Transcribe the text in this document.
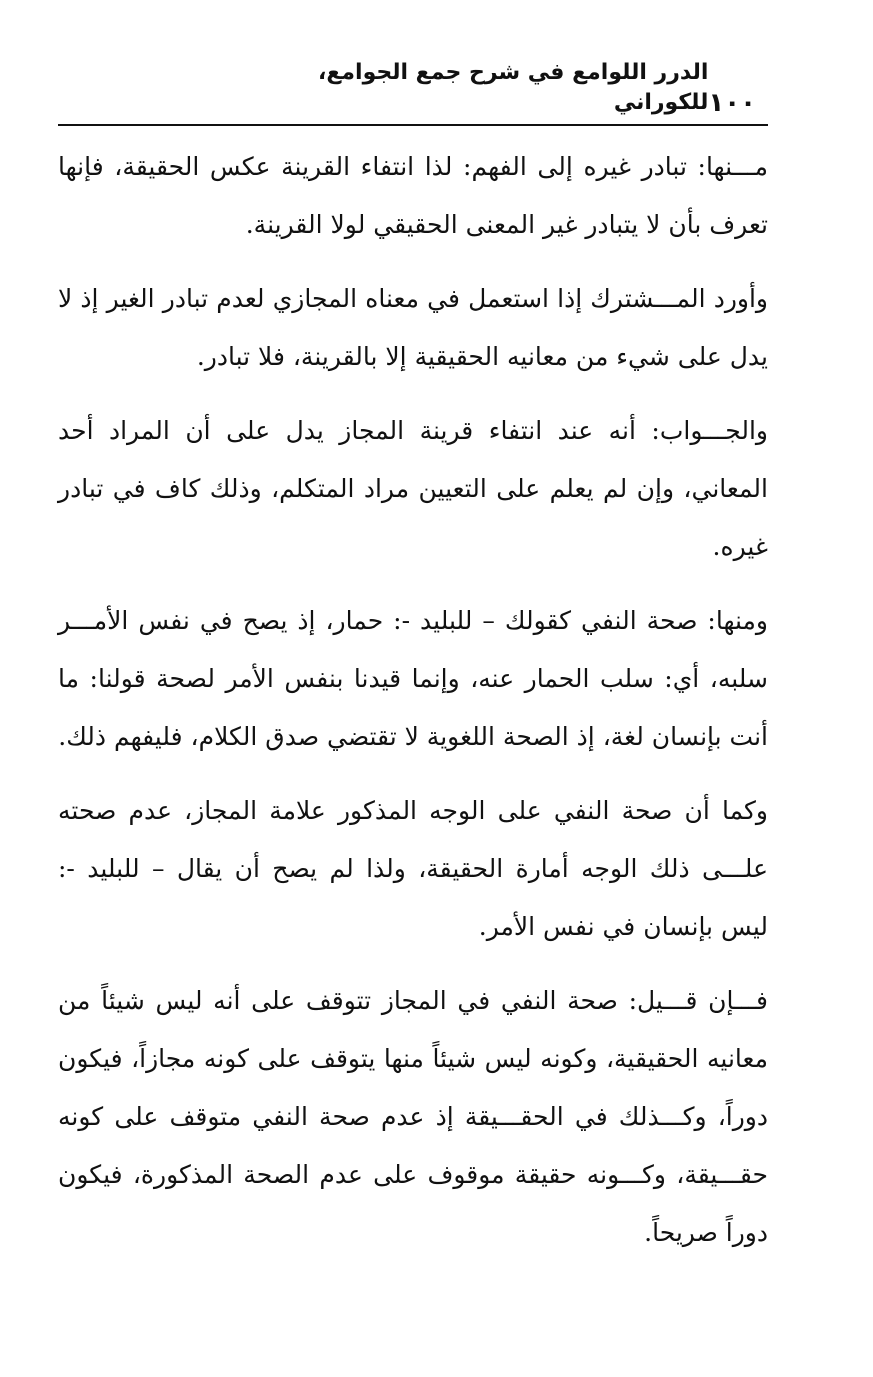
١٠٠
الدرر اللوامع في شرح جمع الجوامع، للكوراني

مـــنها: تبادر غيره إلى الفهم: لذا انتفاء القرينة عكس الحقيقة، فإنها تعرف بأن لا يتبادر غير المعنى الحقيقي لولا القرينة.

وأورد المـــشترك إذا استعمل في معناه المجازي لعدم تبادر الغير إذ لا يدل على شيء من معانيه الحقيقية إلا بالقرينة، فلا تبادر.

والجـــواب: أنه عند انتفاء قرينة المجاز يدل على أن المراد أحد المعاني، وإن لم يعلم على التعيين مراد المتكلم، وذلك كاف في تبادر غيره.

ومنها: صحة النفي كقولك – للبليد -: حمار، إذ يصح في نفس الأمـــر سلبه، أي: سلب الحمار عنه، وإنما قيدنا بنفس الأمر لصحة قولنا: ما أنت بإنسان لغة، إذ الصحة اللغوية لا تقتضي صدق الكلام، فليفهم ذلك.

وكما أن صحة النفي على الوجه المذكور علامة المجاز، عدم صحته علـــى ذلك الوجه أمارة الحقيقة، ولذا لم يصح أن يقال – للبليد -: ليس بإنسان في نفس الأمر.

فـــإن قـــيل: صحة النفي في المجاز تتوقف على أنه ليس شيئاً من معانيه الحقيقية، وكونه ليس شيئاً منها يتوقف على كونه مجازاً، فيكون دوراً، وكـــذلك في الحقـــيقة إذ عدم صحة النفي متوقف على كونه حقـــيقة، وكـــونه حقيقة موقوف على عدم الصحة المذكورة، فيكون دوراً صريحاً.
